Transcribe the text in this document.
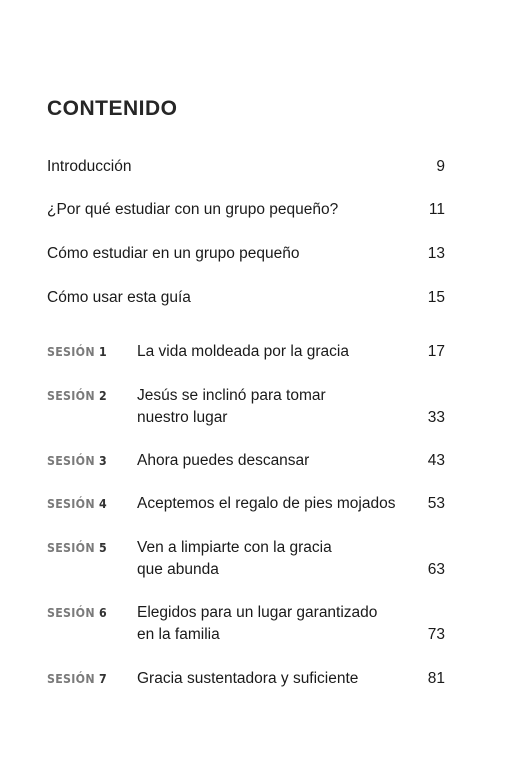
CONTENIDO
Introducción	9
¿Por qué estudiar con un grupo pequeño?	11
Cómo estudiar en un grupo pequeño	13
Cómo usar esta guía	15
SESIÓN 1 La vida moldeada por la gracia	17
SESIÓN 2 Jesús se inclinó para tomar
nuestro lugar	33
SESIÓN 3 Ahora puedes descansar	43
SESIÓN 4 Aceptemos el regalo de pies mojados	53
SESIÓN 5 Ven a limpiarte con la gracia
que abunda	63
SESIÓN 6 Elegidos para un lugar garantizado
en la familia	73
SESIÓN 7 Gracia sustentadora y suficiente	81
